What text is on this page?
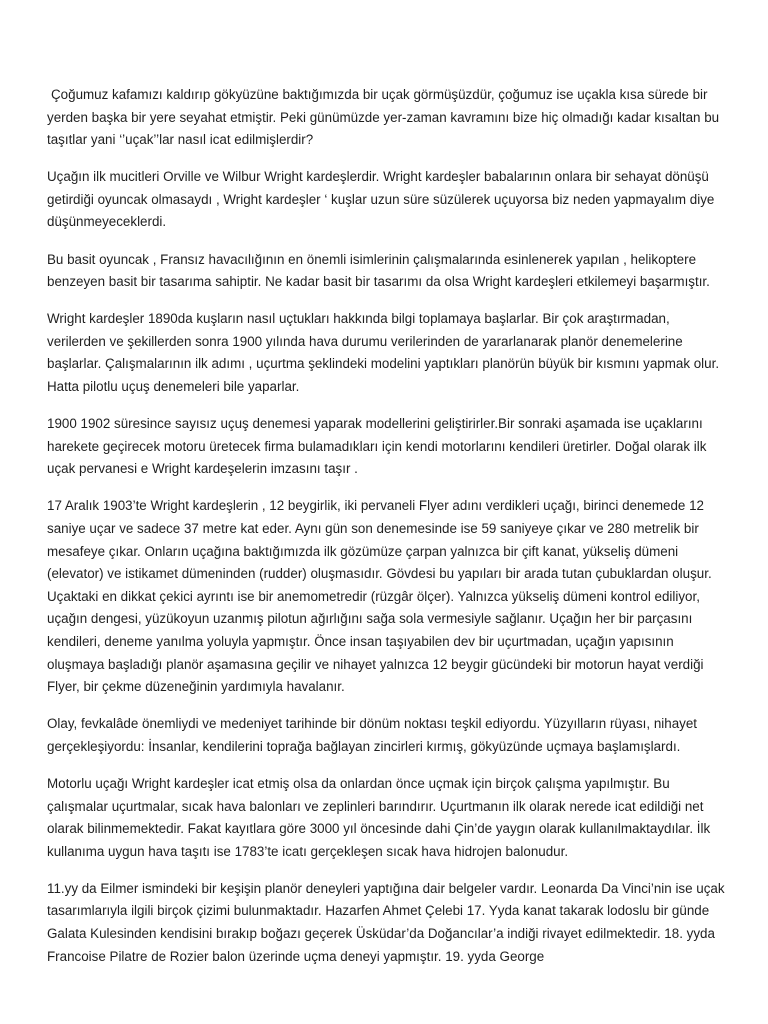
Çoğumuz kafamızı kaldırıp gökyüzüne baktığımızda bir uçak görmüşüzdür, çoğumuz ise uçakla kısa sürede bir yerden başka bir yere seyahat etmiştir. Peki günümüzde yer-zaman kavramını bize hiç olmadığı kadar kısaltan bu taşıtlar yani ‘’uçak’’lar nasıl icat edilmişlerdir?

Uçağın ilk mucitleri Orville ve Wilbur Wright kardeşlerdir. Wright kardeşler babalarının onlara bir sehayat dönüşü getirdiği oyuncak olmasaydı , Wright kardeşler ‘ kuşlar uzun süre süzülerek uçuyorsa biz neden yapmayalım diye düşünmeyeceklerdi.

Bu basit oyuncak , Fransız havacılığının en önemli isimlerinin çalışmalarında esinlenerek yapılan , helikoptere benzeyen basit bir tasarıma sahiptir. Ne kadar basit bir tasarımı da olsa Wright kardeşleri etkilemeyi başarmıştır.

Wright kardeşler 1890da kuşların nasıl uçtukları hakkında bilgi toplamaya başlarlar. Bir çok araştırmadan, verilerden ve şekillerden sonra 1900 yılında hava durumu verilerinden de yararlanarak planör denemelerine başlarlar. Çalışmalarının ilk adımı , uçurtma şeklindeki modelini yaptıkları planörün büyük bir kısmını yapmak olur. Hatta pilotlu uçuş denemeleri bile yaparlar.

1900 1902 süresince sayısız uçuş denemesi yaparak modellerini geliştirirler.Bir sonraki aşamada ise uçaklarını harekete geçirecek motoru üretecek firma bulamadıkları için kendi motorlarını kendileri üretirler. Doğal olarak ilk uçak pervanesi e Wright kardeşelerin imzasını taşır .

17 Aralık 1903’te Wright kardeşlerin , 12 beygirlik, iki pervaneli Flyer adını verdikleri uçağı, birinci denemede 12 saniye uçar ve sadece 37 metre kat eder. Aynı gün son denemesinde ise 59 saniyeye çıkar ve 280 metrelik bir mesafeye çıkar. Onların uçağına baktığımızda ilk gözümüze çarpan yalnızca bir çift kanat, yükseliş dümeni (elevator) ve istikamet dümeninden (rudder) oluşmasıdır. Gövdesi bu yapıları bir arada tutan çubuklardan oluşur. Uçaktaki en dikkat çekici ayrıntı ise bir anemometredir (rüzgâr ölçer). Yalnızca yükseliş dümeni kontrol ediliyor, uçağın dengesi, yüzükoyun uzanmış pilotun ağırlığını sağa sola vermesiyle sağlanır. Uçağın her bir parçasını kendileri, deneme yanılma yoluyla yapmıştır. Önce insan taşıyabilen dev bir uçurtmadan, uçağın yapısının oluşmaya başladığı planör aşamasına geçilir ve nihayet yalnızca 12 beygir gücündeki bir motorun hayat verdiği Flyer, bir çekme düzeneğinin yardımıyla havalanır.

Olay, fevkalâde önemliydi ve medeniyet tarihinde bir dönüm noktası teşkil ediyordu. Yüzyılların rüyası, nihayet gerçekleşiyordu: İnsanlar, kendilerini toprağa bağlayan zincirleri kırmış, gökyüzünde uçmaya başlamışlardı.

Motorlu uçağı Wright kardeşler icat etmiş olsa da onlardan önce uçmak için birçok çalışma yapılmıştır. Bu çalışmalar uçurtmalar, sıcak hava balonları ve zeplinleri barındırır. Uçurtmanın ilk olarak nerede icat edildiği net olarak bilinmemektedir. Fakat kayıtlara göre 3000 yıl öncesinde dahi Çin’de yaygın olarak kullanılmaktaydılar. İlk kullanıma uygun hava taşıtı ise 1783’te icatı gerçekleşen sıcak hava hidrojen balonudur.

11.yy da Eilmer ismindeki bir keşişin planör deneyleri yaptığına dair belgeler vardır. Leonarda Da Vinci’nin ise uçak tasarımlarıyla ilgili birçok çizimi bulunmaktadır. Hazarfen Ahmet Çelebi 17. Yyda kanat takarak lodoslu bir günde Galata Kulesinden kendisini bırakıp boğazı geçerek Üsküdar’da Doğancılar’a indiği rivayet edilmektedir. 18. yyda Francoise Pilatre de Rozier balon üzerinde uçma deneyi yapmıştır. 19. yyda George
